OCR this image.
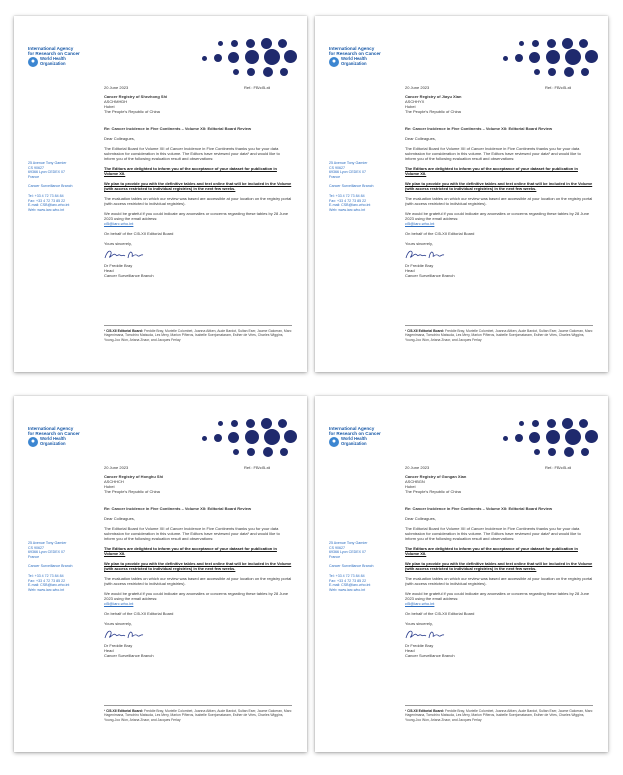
International Agency
for Research on Cancer
●	World Health
Organization
20 June 2023	Ref.: FB/cI5-xii
Cancer Registry of Shezhong Shi
ASCHMHDH
Hubei
The People's Republic of China
25 Avenue Tony Garnier
CS 90627
69366 Lyon CEDEX 07
France
Cancer Surveillance Branch
Tel: +33 4 72 73 84 84
Fax: +33 4 72 73 85 22
E-mail: CSB@iarc.who.int
Web: www.iarc.who.int
Re: Cancer Incidence in Five Continents – Volume XII: Editorial Board Review
Dear Colleagues,
The Editorial Board for Volume XII of Cancer Incidence in Five Continents thanks you for your data submission for consideration in this volume. The Editors have reviewed your data¹ and would like to inform you of the following evaluation result and observations:
The Editors are delighted to inform you of the acceptance of your dataset for publication in Volume XII.
We plan to provide you with the definitive tables and text online that will be included in the Volume (with access restricted to individual registries) in the next few weeks.
The evaluation tables on which our review was based are accessible at your location on the registry portal (with access restricted to individual registries).
We would be grateful if you could indicate any anomalies or concerns regarding these tables by 28 June 2023 using the email address:
ci5@iarc.who.int
On behalf of the CI5-XII Editorial Board
Yours sincerely,
Dr Freddie Bray
Head
Cancer Surveillance Branch
¹ CI5-XII Editorial Board: Freddie Bray, Murielle Colombet, Joanna Aitken, Aude Bardot, Sultan Eser, Jaume Galceran, Marc Hagenimana, Tomohiro Matsuda, Les Mery, Marion Piñeros, Isabelle Soerjomataram, Esther de Vries, Charles Wiggins, Young-Joo Won, Ariana Znaor, and Jacques Ferlay
International Agency
for Research on Cancer
●	World Health
Organization
20 June 2023	Ref.: FB/cI5-xii
Cancer Registry of Jiayu Xian
ASCHHYX
Hubei
The People's Republic of China
25 Avenue Tony Garnier
CS 90627
69366 Lyon CEDEX 07
France
Cancer Surveillance Branch
Tel: +33 4 72 73 84 84
Fax: +33 4 72 73 85 22
E-mail: CSB@iarc.who.int
Web: www.iarc.who.int
Re: Cancer Incidence in Five Continents – Volume XII: Editorial Board Review
Dear Colleagues,
The Editorial Board for Volume XII of Cancer Incidence in Five Continents thanks you for your data submission for consideration in this volume. The Editors have reviewed your data¹ and would like to inform you of the following evaluation result and observations:
The Editors are delighted to inform you of the acceptance of your dataset for publication in Volume XII.
We plan to provide you with the definitive tables and text online that will be included in the Volume (with access restricted to individual registries) in the next few weeks.
The evaluation tables on which our review was based are accessible at your location on the registry portal (with access restricted to individual registries).
We would be grateful if you could indicate any anomalies or concerns regarding these tables by 28 June 2023 using the email address:
ci5@iarc.who.int
On behalf of the CI5-XII Editorial Board
Yours sincerely,
Dr Freddie Bray
Head
Cancer Surveillance Branch
¹ CI5-XII Editorial Board: Freddie Bray, Murielle Colombet, Joanna Aitken, Aude Bardot, Sultan Eser, Jaume Galceran, Marc Hagenimana, Tomohiro Matsuda, Les Mery, Marion Piñeros, Isabelle Soerjomataram, Esther de Vries, Charles Wiggins, Young-Joo Won, Ariana Znaor, and Jacques Ferlay
International Agency
for Research on Cancer
●	World Health
Organization
20 June 2023	Ref.: FB/cI5-xii
Cancer Registry of Honghu Shi
ASCHHCH
Hubei
The People's Republic of China
25 Avenue Tony Garnier
CS 90627
69366 Lyon CEDEX 07
France
Cancer Surveillance Branch
Tel: +33 4 72 73 84 84
Fax: +33 4 72 73 85 22
E-mail: CSB@iarc.who.int
Web: www.iarc.who.int
Re: Cancer Incidence in Five Continents – Volume XII: Editorial Board Review
Dear Colleagues,
The Editorial Board for Volume XII of Cancer Incidence in Five Continents thanks you for your data submission for consideration in this volume. The Editors have reviewed your data¹ and would like to inform you of the following evaluation result and observations:
The Editors are delighted to inform you of the acceptance of your dataset for publication in Volume XII.
We plan to provide you with the definitive tables and text online that will be included in the Volume (with access restricted to individual registries) in the next few weeks.
The evaluation tables on which our review was based are accessible at your location on the registry portal (with access restricted to individual registries).
We would be grateful if you could indicate any anomalies or concerns regarding these tables by 28 June 2023 using the email address:
ci5@iarc.who.int
On behalf of the CI5-XII Editorial Board
Yours sincerely,
Dr Freddie Bray
Head
Cancer Surveillance Branch
¹ CI5-XII Editorial Board: Freddie Bray, Murielle Colombet, Joanna Aitken, Aude Bardot, Sultan Eser, Jaume Galceran, Marc Hagenimana, Tomohiro Matsuda, Les Mery, Marion Piñeros, Isabelle Soerjomataram, Esther de Vries, Charles Wiggins, Young-Joo Won, Ariana Znaor, and Jacques Ferlay
International Agency
for Research on Cancer
●	World Health
Organization
20 June 2023	Ref.: FB/cI5-xii
Cancer Registry of Gongan Xian
ASCHBGN
Hubei
The People's Republic of China
25 Avenue Tony Garnier
CS 90627
69366 Lyon CEDEX 07
France
Cancer Surveillance Branch
Tel: +33 4 72 73 84 84
Fax: +33 4 72 73 85 22
E-mail: CSB@iarc.who.int
Web: www.iarc.who.int
Re: Cancer Incidence in Five Continents – Volume XII: Editorial Board Review
Dear Colleagues,
The Editorial Board for Volume XII of Cancer Incidence in Five Continents thanks you for your data submission for consideration in this volume. The Editors have reviewed your data¹ and would like to inform you of the following evaluation result and observations:
The Editors are delighted to inform you of the acceptance of your dataset for publication in Volume XII.
We plan to provide you with the definitive tables and text online that will be included in the Volume (with access restricted to individual registries) in the next few weeks.
The evaluation tables on which our review was based are accessible at your location on the registry portal (with access restricted to individual registries).
We would be grateful if you could indicate any anomalies or concerns regarding these tables by 28 June 2023 using the email address:
ci5@iarc.who.int
On behalf of the CI5-XII Editorial Board
Yours sincerely,
Dr Freddie Bray
Head
Cancer Surveillance Branch
¹ CI5-XII Editorial Board: Freddie Bray, Murielle Colombet, Joanna Aitken, Aude Bardot, Sultan Eser, Jaume Galceran, Marc Hagenimana, Tomohiro Matsuda, Les Mery, Marion Piñeros, Isabelle Soerjomataram, Esther de Vries, Charles Wiggins, Young-Joo Won, Ariana Znaor, and Jacques Ferlay
